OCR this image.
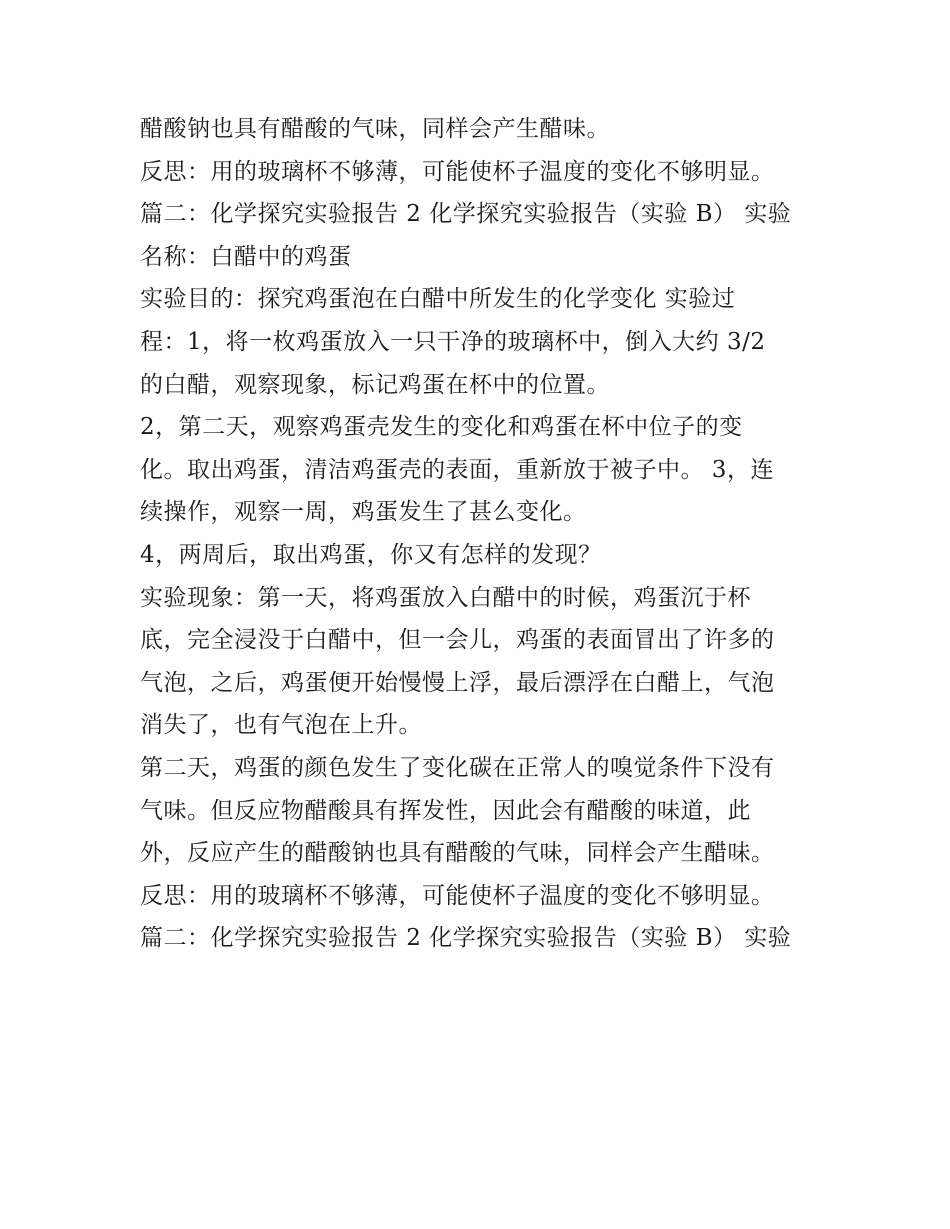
醋酸钠也具有醋酸的气味，同样会产生醋味。
反思：用的玻璃杯不够薄，可能使杯子温度的变化不够明显。
篇二：化学探究实验报告 2 化学探究实验报告（实验 B） 实验
名称：白醋中的鸡蛋
实验目的：探究鸡蛋泡在白醋中所发生的化学变化 实验过
程：1，将一枚鸡蛋放入一只干净的玻璃杯中，倒入大约 3/2
的白醋，观察现象，标记鸡蛋在杯中的位置。
2，第二天，观察鸡蛋壳发生的变化和鸡蛋在杯中位子的变
化。取出鸡蛋，清洁鸡蛋壳的表面，重新放于被子中。 3，连
续操作，观察一周，鸡蛋发生了甚么变化。
4，两周后，取出鸡蛋，你又有怎样的发现？
实验现象：第一天，将鸡蛋放入白醋中的时候，鸡蛋沉于杯
底，完全浸没于白醋中，但一会儿，鸡蛋的表面冒出了许多的
气泡，之后，鸡蛋便开始慢慢上浮，最后漂浮在白醋上，气泡
消失了，也有气泡在上升。
第二天，鸡蛋的颜色发生了变化碳在正常人的嗅觉条件下没有
气味。但反应物醋酸具有挥发性，因此会有醋酸的味道，此
外，反应产生的醋酸钠也具有醋酸的气味，同样会产生醋味。
反思：用的玻璃杯不够薄，可能使杯子温度的变化不够明显。
篇二：化学探究实验报告 2 化学探究实验报告（实验 B） 实验
